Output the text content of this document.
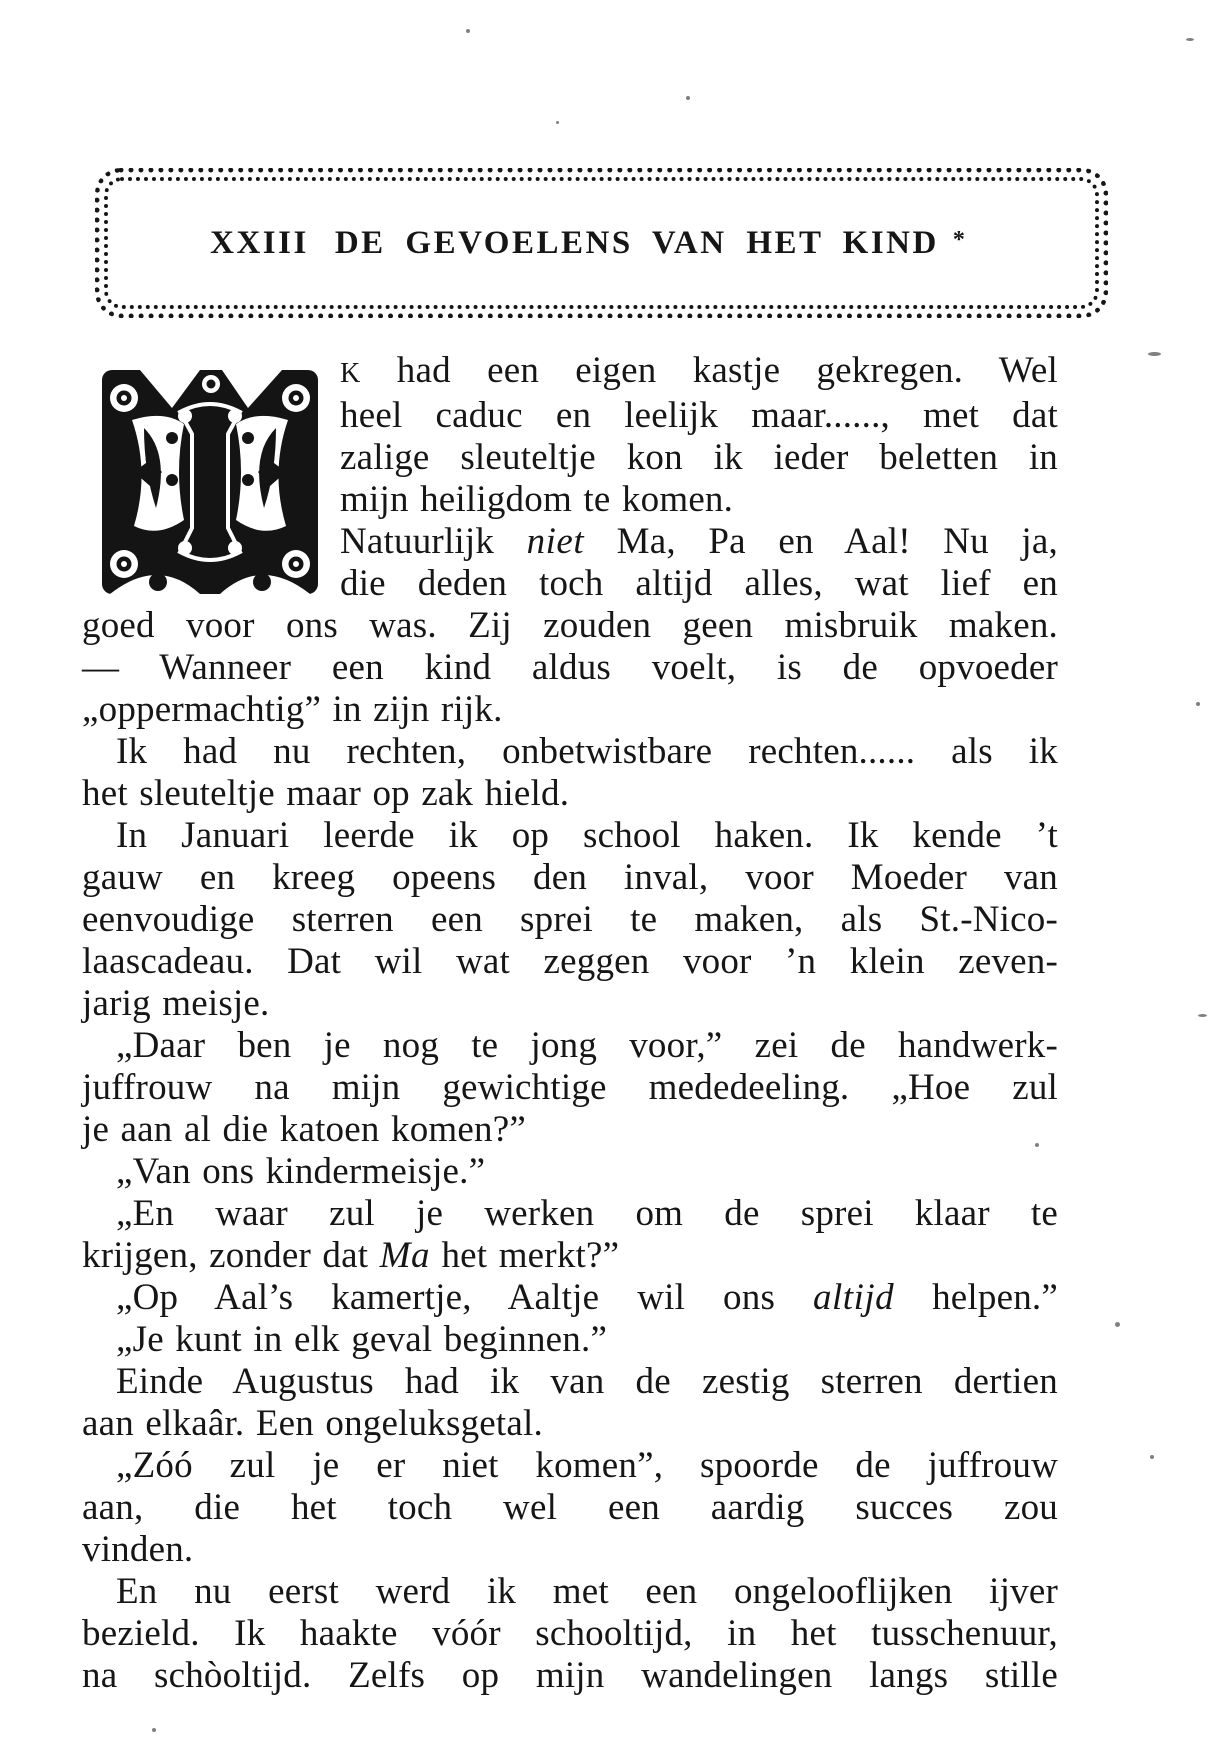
XXIII DE GEVOELENS VAN HET KIND *
K had een eigen kastje gekregen. Wel
heel caduc en leelijk maar......, met dat
zalige sleuteltje kon ik ieder beletten in
mijn heiligdom te komen.
Natuurlijk niet Ma, Pa en Aal! Nu ja,
die deden toch altijd alles, wat lief en
goed voor ons was. Zij zouden geen misbruik maken.
— Wanneer een kind aldus voelt, is de opvoeder
„oppermachtig” in zijn rijk.
Ik had nu rechten, onbetwistbare rechten...... als ik
het sleuteltje maar op zak hield.
In Januari leerde ik op school haken. Ik kende ’t
gauw en kreeg opeens den inval, voor Moeder van
eenvoudige sterren een sprei te maken, als St.-Nico-
laascadeau. Dat wil wat zeggen voor ’n klein zeven-
jarig meisje.
„Daar ben je nog te jong voor,” zei de handwerk-
juffrouw na mijn gewichtige mededeeling. „Hoe zul
je aan al die katoen komen?”
„Van ons kindermeisje.”
„En waar zul je werken om de sprei klaar te
krijgen, zonder dat Ma het merkt?”
„Op Aal’s kamertje, Aaltje wil ons altijd helpen.”
„Je kunt in elk geval beginnen.”
Einde Augustus had ik van de zestig sterren dertien
aan elkaâr. Een ongeluksgetal.
„Zóó zul je er niet komen”, spoorde de juffrouw
aan, die het toch wel een aardig succes zou
vinden.
En nu eerst werd ik met een ongelooflijken ijver
bezield. Ik haakte vóór schooltijd, in het tusschenuur,
na schòoltijd. Zelfs op mijn wandelingen langs stille
